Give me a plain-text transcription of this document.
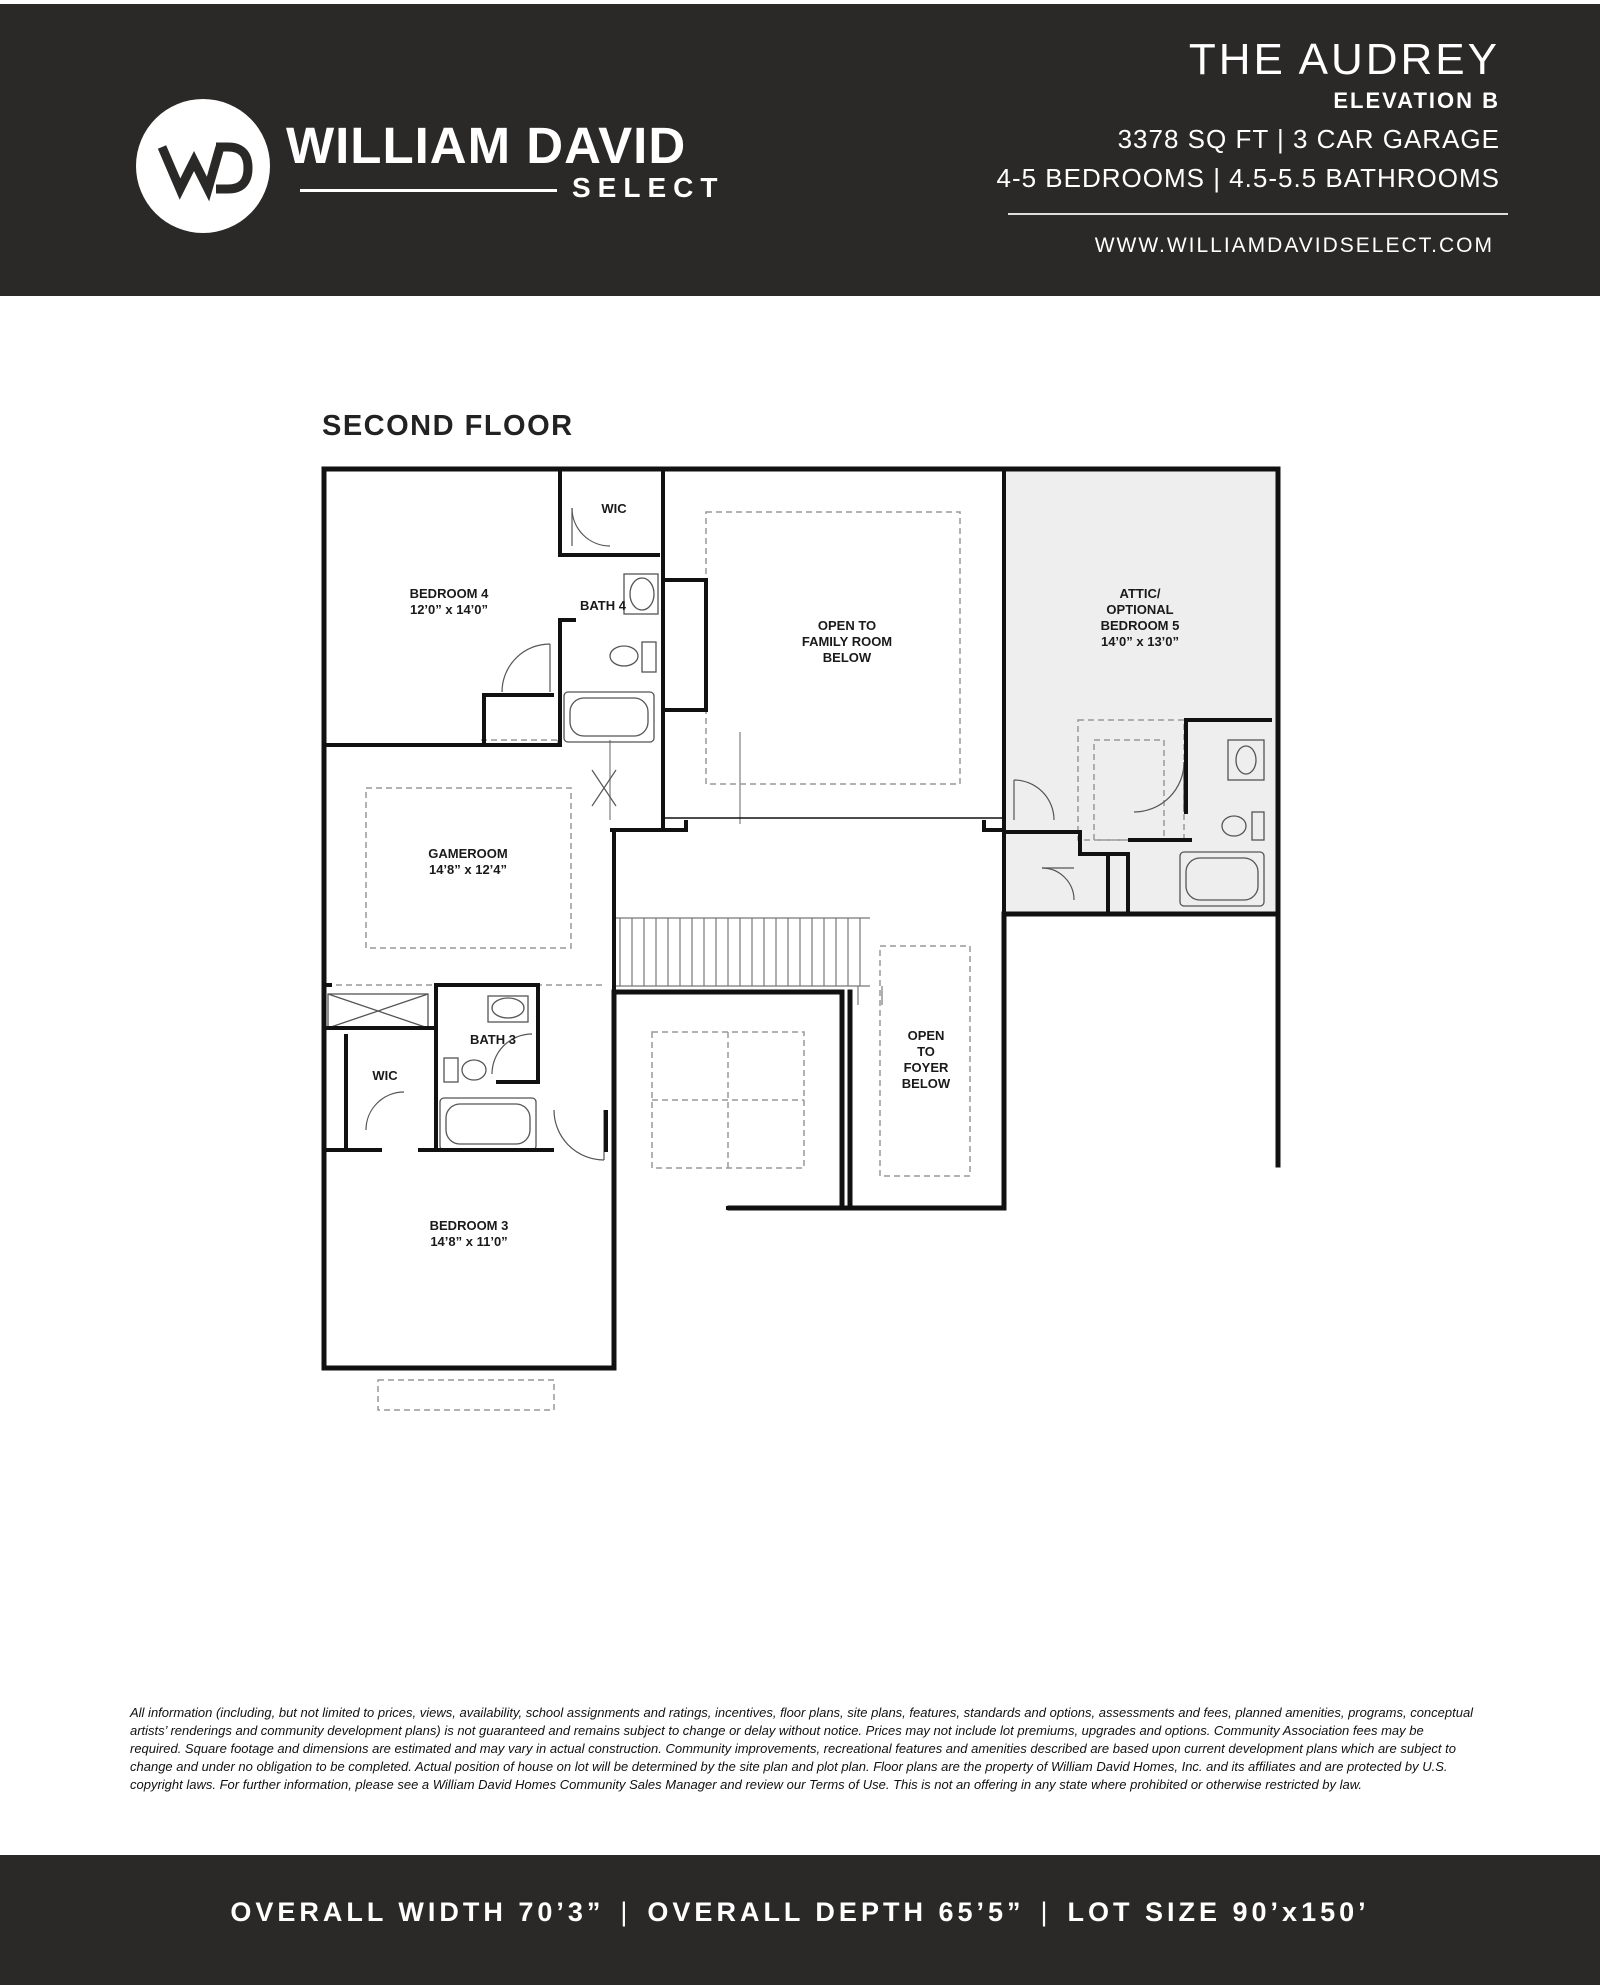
WILLIAM DAVID
SELECT
THE AUDREY
ELEVATION B
3378 SQ FT | 3 CAR GARAGE
4-5 BEDROOMS | 4.5-5.5 BATHROOMS
WWW.WILLIAMDAVIDSELECT.COM
SECOND FLOOR
WIC
BEDROOM 4
12’0” x 14’0”	BATH 4
OPEN TO
FAMILY ROOM
BELOW
ATTIC/
OPTIONAL
BEDROOM 5
14’0” x 13’0”
GAMEROOM
14’8” x 12’4”
BATH 3
WIC
OPEN
TO
FOYER
BELOW
BEDROOM 3
14’8” x 11’0”

All information (including, but not limited to prices, views, availability, school assignments and ratings, incentives, floor plans, site plans, features, standards and options, assessments and fees, planned amenities, programs, conceptual artists’ renderings and community development plans) is not guaranteed and remains subject to change or delay without notice. Prices may not include lot premiums, upgrades and options. Community Association fees may be required. Square footage and dimensions are estimated and may vary in actual construction. Community improvements, recreational features and amenities described are based upon current development plans which are subject to change and under no obligation to be completed. Actual position of house on lot will be determined by the site plan and plot plan. Floor plans are the property of William David Homes, Inc. and its affiliates and are protected by U.S. copyright laws. For further information, please see a William David Homes Community Sales Manager and review our Terms of Use. This is not an offering in any state where prohibited or otherwise restricted by law.

OVERALL WIDTH 70’3” | OVERALL DEPTH 65’5” | LOT SIZE 90’x150’
